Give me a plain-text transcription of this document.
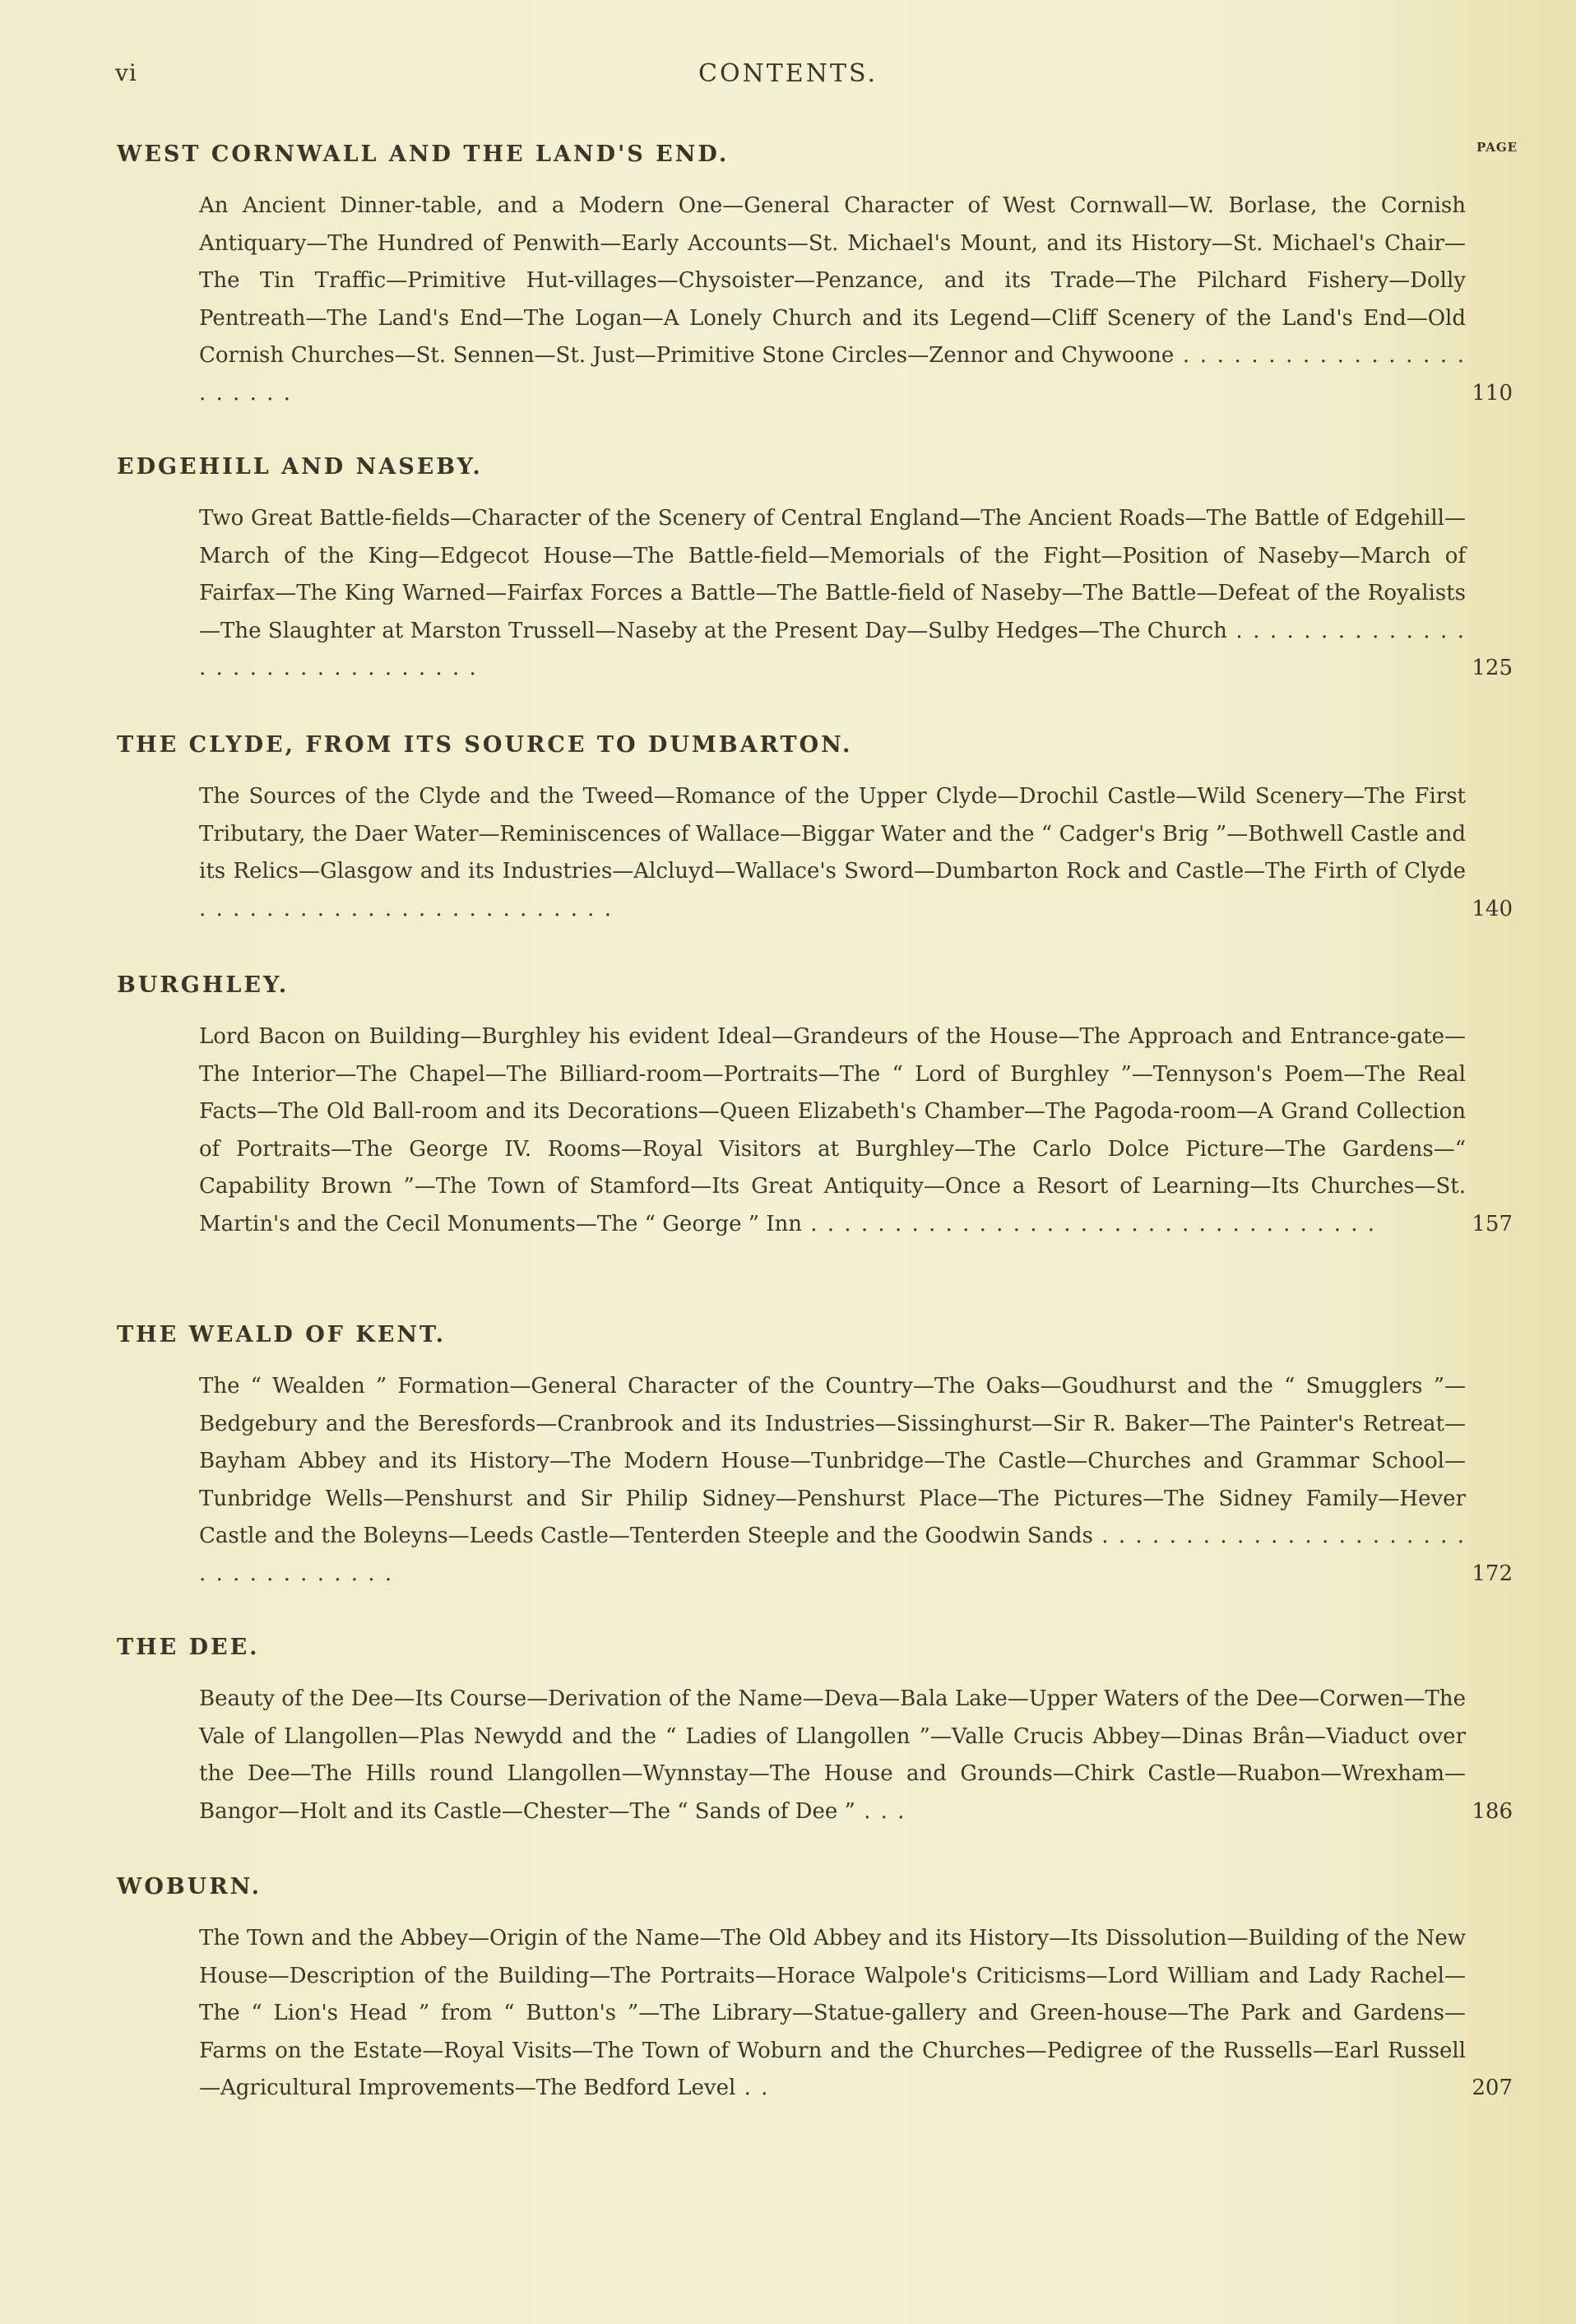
vi	CONTENTS.
PAGE
WEST CORNWALL AND THE LAND'S END.
An Ancient Dinner-table, and a Modern One—General Character of West Cornwall—W. Borlase, the Cornish Antiquary—The Hundred of Penwith—Early Accounts—St. Michael's Mount, and its History—St. Michael's Chair—The Tin Traffic—Primitive Hut-villages—Chysoister—Penzance, and its Trade—The Pilchard Fishery—Dolly Pentreath—The Land's End—The Logan—A Lonely Church and its Legend—Cliff Scenery of the Land's End—Old Cornish Churches—St. Sennen—St. Just—Primitive Stone Circles—Zennor and Chywoone . . . . . . . . . . . . . . . . . . . . . . .	110
EDGEHILL AND NASEBY.
Two Great Battle-fields—Character of the Scenery of Central England—The Ancient Roads—The Battle of Edgehill—March of the King—Edgecot House—The Battle-field—Memorials of the Fight—Position of Naseby—March of Fairfax—The King Warned—Fairfax Forces a Battle—The Battle-field of Naseby—The Battle—Defeat of the Royalists—The Slaughter at Marston Trussell—Naseby at the Present Day—Sulby Hedges—The Church . . . . . . . . . . . . . . . . . . . . . . . . . . . . . . .	125
THE CLYDE, FROM ITS SOURCE TO DUMBARTON.
The Sources of the Clyde and the Tweed—Romance of the Upper Clyde—Drochil Castle—Wild Scenery—The First Tributary, the Daer Water—Reminiscences of Wallace—Biggar Water and the “ Cadger's Brig ”—Bothwell Castle and its Relics—Glasgow and its Industries—Alcluyd—Wallace's Sword—Dumbarton Rock and Castle—The Firth of Clyde . . . . . . . . . . . . . . . . . . . . . . . . .	140
BURGHLEY.
Lord Bacon on Building—Burghley his evident Ideal—Grandeurs of the House—The Approach and Entrance-gate—The Interior—The Chapel—The Billiard-room—Portraits—The “ Lord of Burghley ”—Tennyson's Poem—The Real Facts—The Old Ball-room and its Decorations—Queen Elizabeth's Chamber—The Pagoda-room—A Grand Collection of Portraits—The George IV. Rooms—Royal Visitors at Burghley—The Carlo Dolce Picture—The Gardens—“ Capability Brown ”—The Town of Stamford—Its Great Antiquity—Once a Resort of Learning—Its Churches—St. Martin's and the Cecil Monuments—The “ George ” Inn . . . . . . . . . . . . . . . . . . . . . . . . . . . . . . . . . .	157
THE WEALD OF KENT.
The “ Wealden ” Formation—General Character of the Country—The Oaks—Goudhurst and the “ Smugglers ”—Bedgebury and the Beresfords—Cranbrook and its Industries—Sissinghurst—Sir R. Baker—The Painter's Retreat—Bayham Abbey and its History—The Modern House—Tunbridge—The Castle—Churches and Grammar School—Tunbridge Wells—Penshurst and Sir Philip Sidney—Penshurst Place—The Pictures—The Sidney Family—Hever Castle and the Boleyns—Leeds Castle—Tenterden Steeple and the Goodwin Sands . . . . . . . . . . . . . . . . . . . . . . . . . . . . . . . . . .	172
THE DEE.
Beauty of the Dee—Its Course—Derivation of the Name—Deva—Bala Lake—Upper Waters of the Dee—Corwen—The Vale of Llangollen—Plas Newydd and the “ Ladies of Llangollen ”—Valle Crucis Abbey—Dinas Brân—Viaduct over the Dee—The Hills round Llangollen—Wynnstay—The House and Grounds—Chirk Castle—Ruabon—Wrexham—Bangor—Holt and its Castle—Chester—The “ Sands of Dee ” . . .	186
WOBURN.
The Town and the Abbey—Origin of the Name—The Old Abbey and its History—Its Dissolution—Building of the New House—Description of the Building—The Portraits—Horace Walpole's Criticisms—Lord William and Lady Rachel—The “ Lion's Head ” from “ Button's ”—The Library—Statue-gallery and Green-house—The Park and Gardens—Farms on the Estate—Royal Visits—The Town of Woburn and the Churches—Pedigree of the Russells—Earl Russell—Agricultural Improvements—The Bedford Level . .	207
